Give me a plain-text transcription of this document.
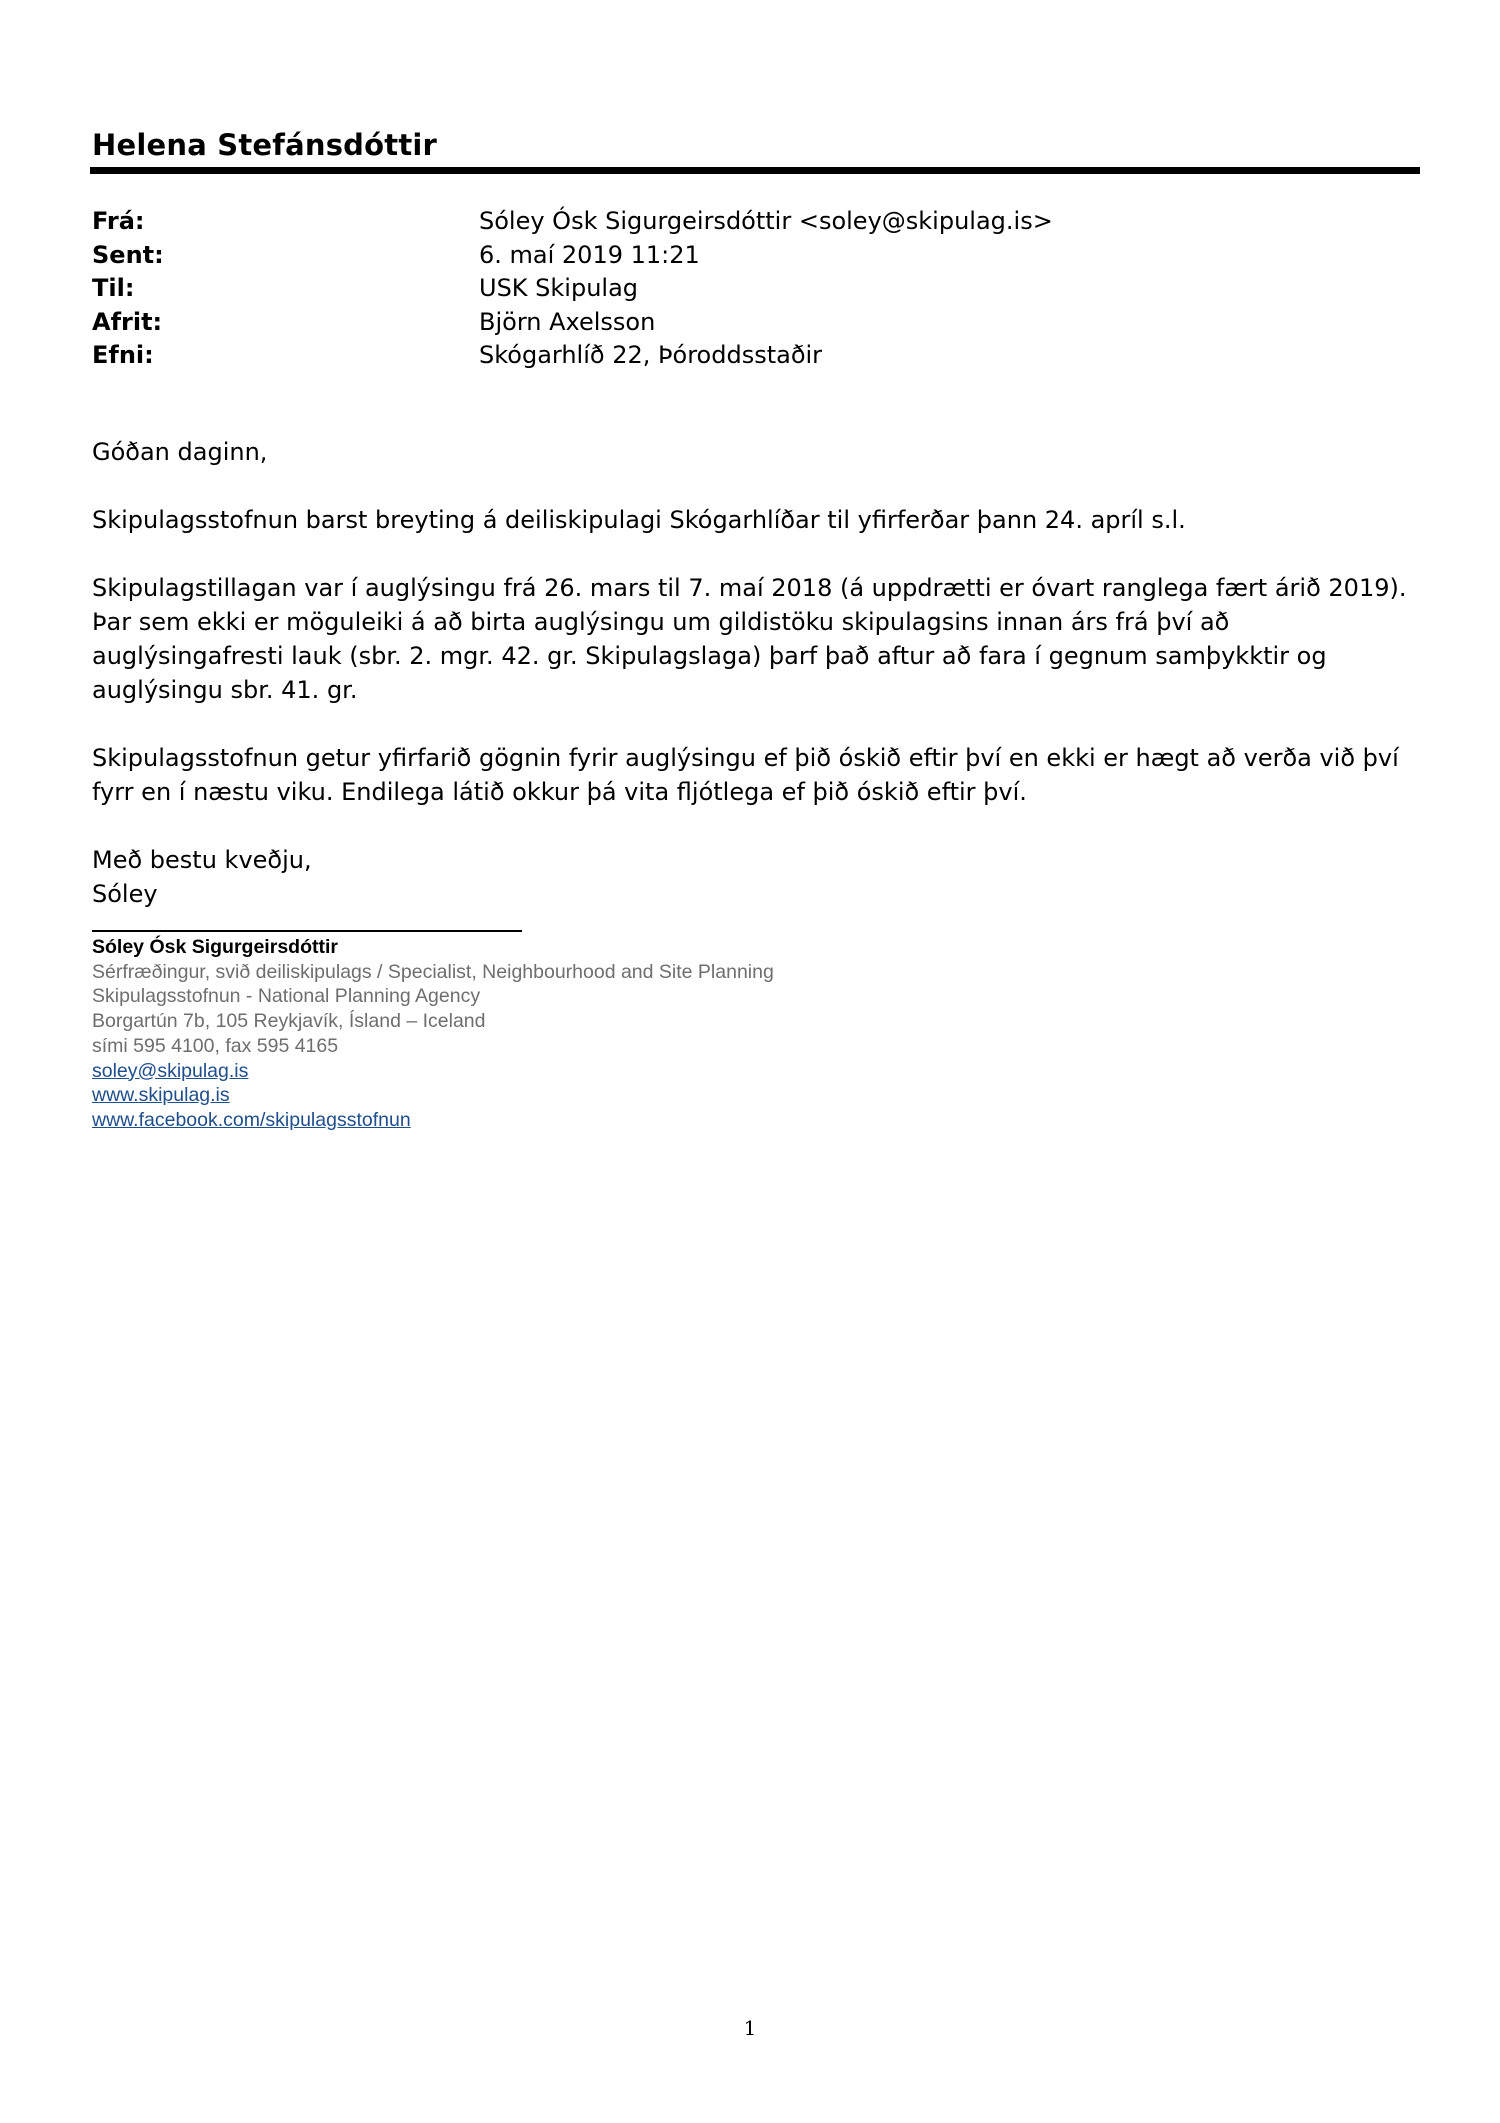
Helena Stefánsdóttir
Frá:	Sóley Ósk Sigurgeirsdóttir <soley@skipulag.is>
Sent:	6. maí 2019 11:21
Til:	USK Skipulag
Afrit:	Björn Axelsson
Efni:	Skógarhlíð 22, Þóroddsstaðir

Góðan daginn,

Skipulagsstofnun barst breyting á deiliskipulagi Skógarhlíðar til yfirferðar þann 24. apríl s.l.

Skipulagstillagan var í auglýsingu frá 26. mars til 7. maí 2018 (á uppdrætti er óvart ranglega fært árið 2019). Þar sem ekki er möguleiki á að birta auglýsingu um gildistöku skipulagsins innan árs frá því að auglýsingafresti lauk (sbr. 2. mgr. 42. gr. Skipulagslaga) þarf það aftur að fara í gegnum samþykktir og auglýsingu sbr. 41. gr.

Skipulagsstofnun getur yfirfarið gögnin fyrir auglýsingu ef þið óskið eftir því en ekki er hægt að verða við því fyrr en í næstu viku. Endilega látið okkur þá vita fljótlega ef þið óskið eftir því.

Með bestu kveðju,
Sóley
Sóley Ósk Sigurgeirsdóttir
Sérfræðingur, svið deiliskipulags / Specialist, Neighbourhood and Site Planning
Skipulagsstofnun - National Planning Agency
Borgartún 7b, 105 Reykjavík, Ísland – Iceland
sími 595 4100, fax 595 4165
soley@skipulag.is
www.skipulag.is
www.facebook.com/skipulagsstofnun
1
